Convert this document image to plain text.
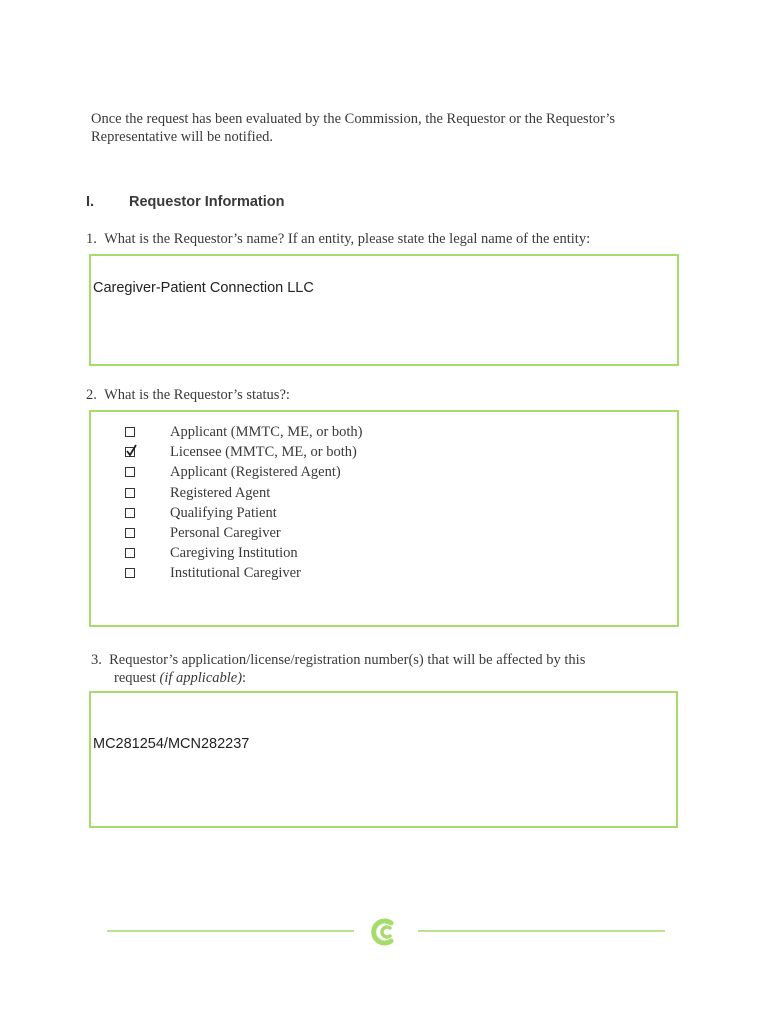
Once the request has been evaluated by the Commission, the Requestor or the Requestor’s Representative will be notified.
I. Requestor Information
1.  What is the Requestor’s name? If an entity, please state the legal name of the entity:
Caregiver-Patient Connection LLC
2.  What is the Requestor’s status?:
Applicant (MMTC, ME, or both)
Licensee (MMTC, ME, or both)
Applicant (Registered Agent)
Registered Agent
Qualifying Patient
Personal Caregiver
Caregiving Institution
Institutional Caregiver
3.  Requestor’s application/license/registration number(s) that will be affected by this
request (if applicable):
MC281254/MCN282237
